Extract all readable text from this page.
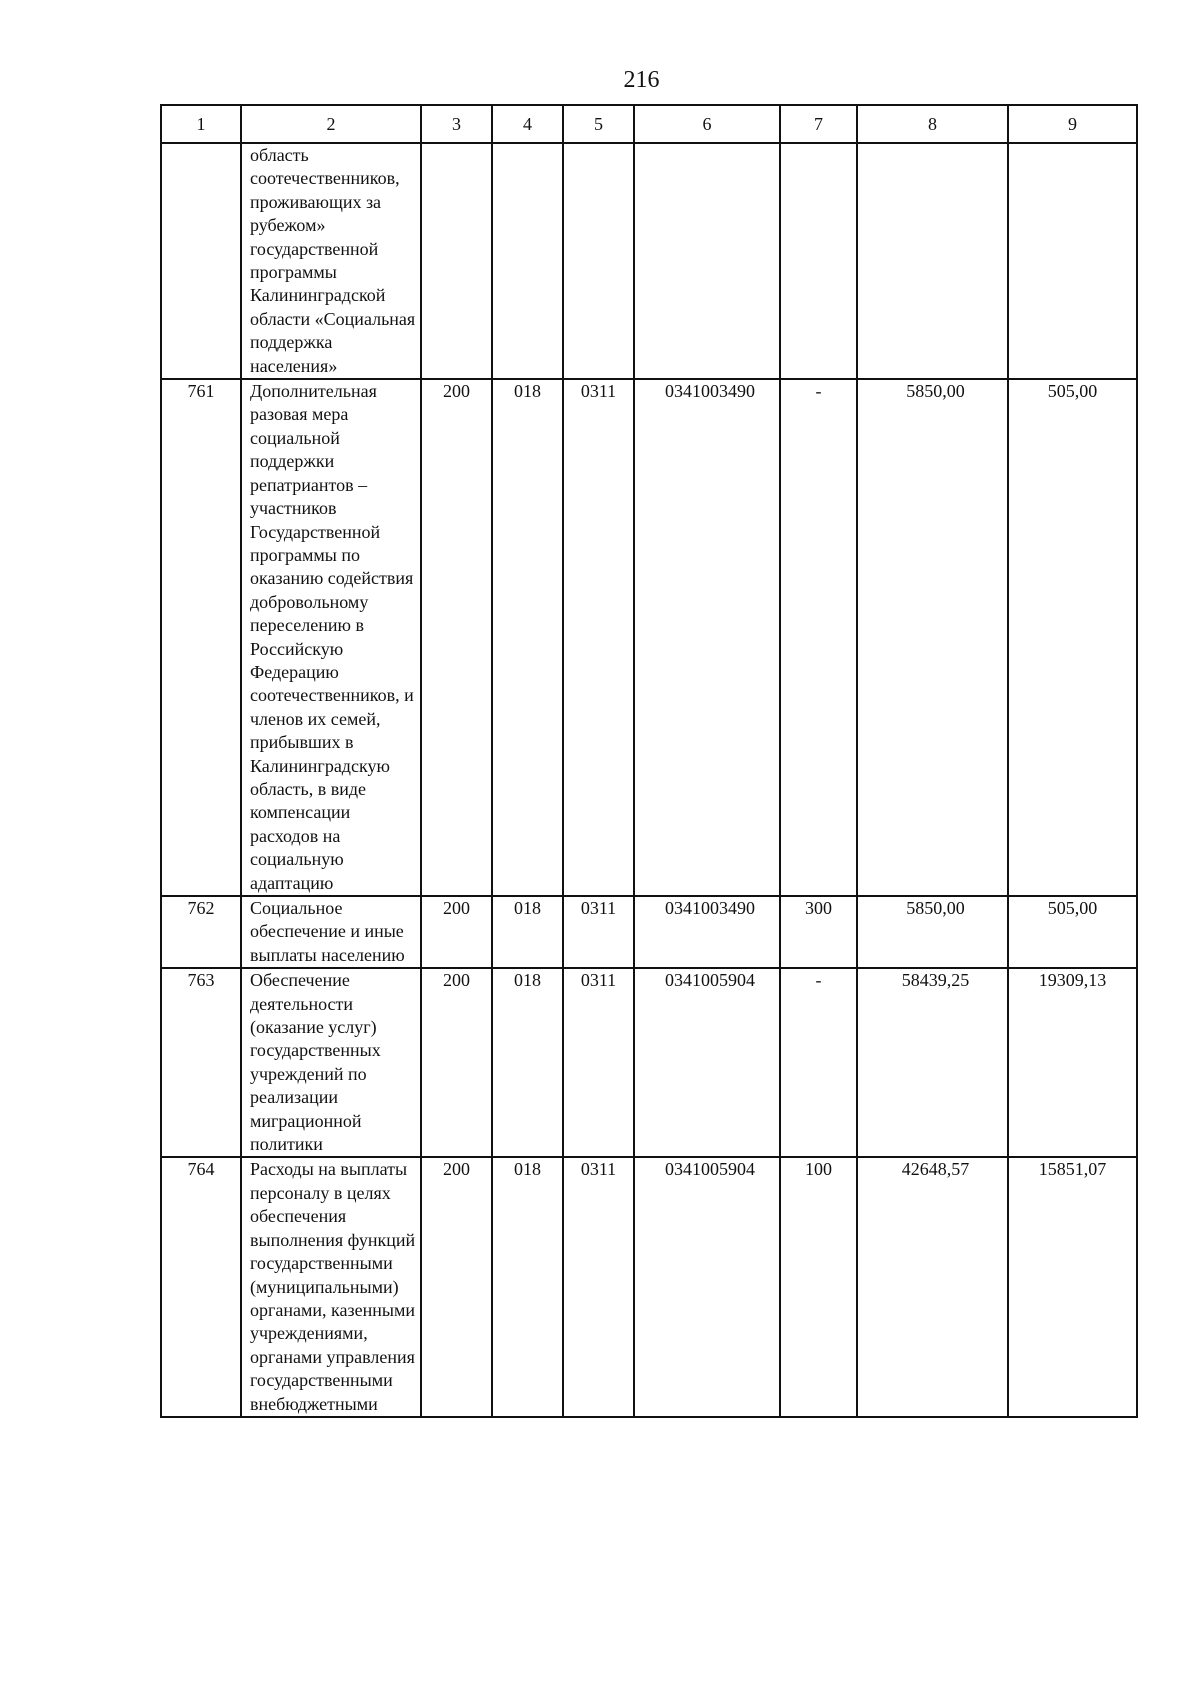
216
1	2	3	4	5	6	7	8	9
	область соотечественников, проживающих за рубежом» государственной программы Калининградской области «Социальная поддержка населения»							
761	Дополнительная разовая мера социальной поддержки репатриантов – участников Государственной программы по оказанию содействия добровольному переселению в Российскую Федерацию соотечественников, и членов их семей, прибывших в Калининградскую область, в виде компенсации расходов на социальную адаптацию	200	018	0311	0341003490	-	5850,00	505,00
762	Социальное обеспечение и иные выплаты населению	200	018	0311	0341003490	300	5850,00	505,00
763	Обеспечение деятельности (оказание услуг) государственных учреждений по реализации миграционной политики	200	018	0311	0341005904	-	58439,25	19309,13
764	Расходы на выплаты персоналу в целях обеспечения выполнения функций государственными (муниципальными) органами, казенными учреждениями, органами управления государственными внебюджетными	200	018	0311	0341005904	100	42648,57	15851,07
